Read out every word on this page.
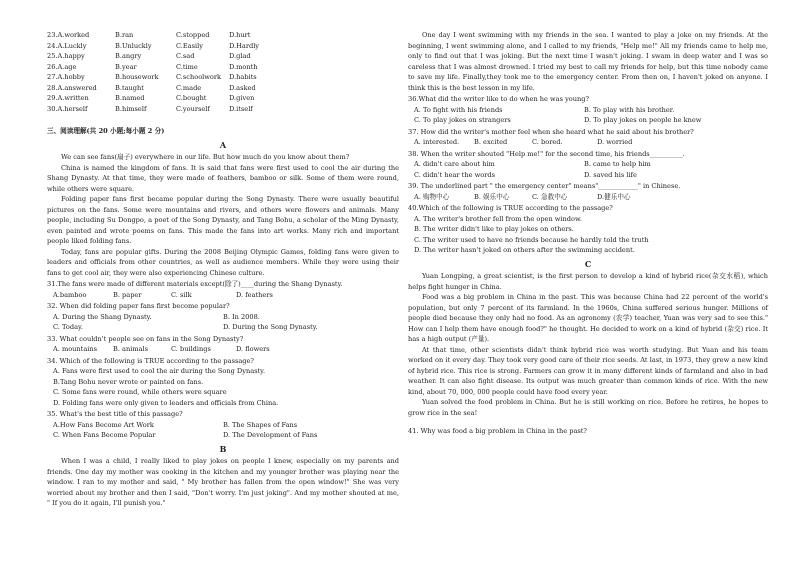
23.A.worked	B.ran	C.stopped	D.hurt
24.A.Luckly	B.Unluckly	C.Easily	D.Hardly
25.A.happy	B.angry	C.sad	D.glad
26.A.age	B.year	C.time	D.month
27.A.hobby	B.housework	C.schoolwork	D.habits
28.A.answered	B.taught	C.made	D.asked
29.A.written	B.named	C.bought	D.given
30.A.herself	B.himself	C.yourself	D.itself
三、阅读理解(共 20 小题;每小题 2 分)
A

We can see fans(扇子) everywhere in our life. But how much do you know about them?

China is named the kingdom of fans. It is said that fans were first used to cool the air during the Shang Dynasty. At that time, they were made of feathers, bamboo or silk. Some of them were round, while others were square.

Folding paper fans first became popular during the Song Dynasty. There were usually beautiful pictures on the fans. Some were mountains and rivers, and others were flowers and animals. Many people, including Su Dongpo, a poet of the Song Dynasty, and Tang Bohu, a scholar of the Ming Dynasty, even painted and wrote poems on fans. This made the fans into art works. Many rich and important people liked folding fans.

Today, fans are popular gifts. During the 2008 Beijing Olympic Games, folding fans were given to leaders and officials from other countries, as well as audience members. While they were using their fans to get cool air, they were also experiencing Chinese culture.

31.The fans were made of different materials except(除了)____during the Shang Dynasty.
A.bamboo	B. paper	C. silk	D. feathers
32. When did folding paper fans first become popular?
A. During the Shang Dynasty.	B. In 2008.
C. Today.	D. During the Song Dynasty.
33. What couldn't people see on fans in the Song Dynasty?
A. mountains	B. animals	C. buildings	D. flowers
34. Which of the following is TRUE according to the passage?
A. Fans were first used to cool the air during the Song Dynasty.
B.Tang Bohu never wrote or painted on fans.
C. Some fans were round, while others were square
D. Folding fans were only given to leaders and officials from China.
35. What's the best title of this passage?
A.How Fans Become Art Work	B. The Shapes of Fans
C. When Fans Become Popular	D. The Development of Fans
B

When I was a child, I really liked to play jokes on people I knew, especially on my parents and friends. One day my mother was cooking in the kitchen and my younger brother was playing near the window. I ran to my mother and said, " My brother has fallen from the open window!" She was very worried about my brother and then I said, "Don't worry. I'm just joking". And my mother shouted at me, " If you do it again, I'll punish you."

One day I went swimming with my friends in the sea. I wanted to play a joke on my friends. At the beginning, I went swimming alone, and I called to my friends, "Help me!" All my friends came to help me, only to find out that I was joking. But the next time I wasn't joking. I swam in deep water and I was so careless that I was almost drowned. I tried my best to call my friends for help, but this time nobody came to save my life. Finally,they took me to the emergency center. From then on, I haven't joked on anyone. I think this is the best lesson in my life.

36.What did the writer like to do when he was young?
A. To fight with his friends	B. To play with his brother.
C. To play jokes on strangers	D. To play jokes on people he knew
37. How did the writer's mother feel when she heard what he said about his brother?
A. interested.	B. excited	C. bored.	D. worried
38. When the writer shouted "Help me!" for the second time, his friends__________.
A. didn't care about him	B. came to help him
C. didn't hear the words	D. saved his life
39. The underlined part " the emergency center" means"____________" in Chinese.
A. 购物中心	B. 娱乐中心	C. 急救中心	D.健乐中心
40.Which of the following is TRUE according to the passage?
A. The writer's brother fell from the open window.
B. The writer didn't like to play jokes on others.
C. The writer used to have no friends because he hardly told the truth
D. The writer hasn't joked on others after the swimming accident.
C

Yuan Longping, a great scientist, is the first person to develop a kind of hybrid rice(杂交水稻), which helps fight hunger in China.

Food was a big problem in China in the past. This was because China had 22 percent of the world's population, but only 7 percent of its farmland. In the 1960s, China suffered serious hunger. Millions of people died because they only had no food. As an agronomy (农学) teacher, Yuan was very sad to see this." How can I help them have enough food?" he thought. He decided to work on a kind of hybrid (杂交) rice. It has a high output (产量).

At that time, other scientists didn't think hybrid rice was worth studying. But Yuan and his team worked on it every day. They took very good care of their rice seeds. At last, in 1973, they grew a new kind of hybrid rice. This rice is strong. Farmers can grow it in many different kinds of farmland and also in bad weather. It can also fight disease. Its output was much greater than common kinds of rice. With the new kind, about 70, 000, 000 people could have food every year.

Yuan solved the food problem in China. But he is still working on rice. Before he retires, he hopes to grow rice in the sea!

41. Why was food a big problem in China in the past?
